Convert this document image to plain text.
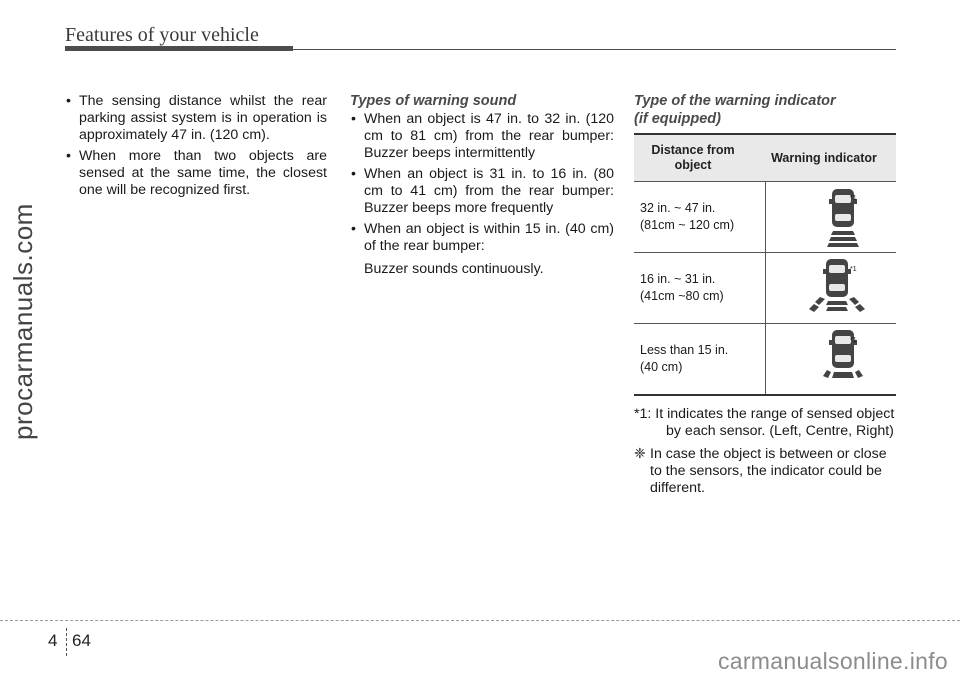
Features of your vehicle
procarmanuals.com
• The sensing distance whilst the rear parking assist system is in operation is approximately 47 in. (120 cm).
• When more than two objects are sensed at the same time, the closest one will be recognized first.
Types of warning sound
• When an object is 47 in. to 32 in. (120 cm to 81 cm) from the rear bumper: Buzzer beeps intermittently
• When an object is 31 in. to 16 in. (80 cm to 41 cm) from the rear bumper: Buzzer beeps more frequently
• When an object is within 15 in. (40 cm) of the rear bumper:
Buzzer sounds continuously.
Type of the warning indicator
(if equipped)
Distance from object
Warning indicator
32 in. ~ 47 in.
(81cm ~ 120 cm)
*1
16 in. ~ 31 in.
(41cm ~80 cm)
*1
Less than 15 in.
(40 cm)
*1
*1: It indicates the range of sensed object
by each sensor. (Left, Centre, Right)
❈ In case the object is between or close to the sensors, the indicator could be different.
4 64
carmanualsonline.info
